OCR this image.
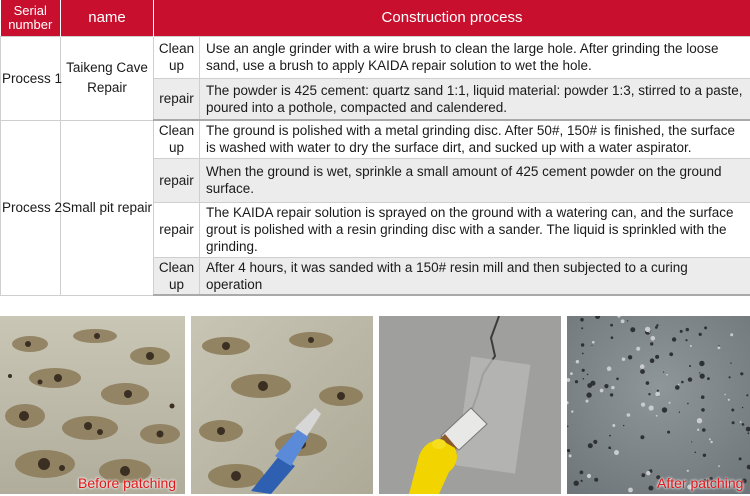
Serial number	name	Construction process	
Process 1	Taikeng Cave Repair	Clean up	Use an angle grinder with a wire brush to clean the large hole. After grinding the loose sand, use a brush to apply KAIDA repair solution to wet the hole.
		repair	The powder is 425 cement: quartz sand 1:1, liquid material: powder 1:3, stirred to a paste, poured into a pothole, compacted and calendered.
Process 2	Small pit repair	Clean up	The ground is polished with a metal grinding disc. After 50#, 150# is finished, the surface is washed with water to dry the surface dirt, and sucked up with a water aspirator.
		repair	When the ground is wet, sprinkle a small amount of 425 cement powder on the ground surface.
		repair	The KAIDA repair solution is sprayed on the ground with a watering can, and the surface grout is polished with a resin grinding disc with a sander. The liquid is sprinkled with the grinding.
		Clean up	After 4 hours, it was sanded with a 150# resin mill and then subjected to a curing operation
Before patching	After patching
